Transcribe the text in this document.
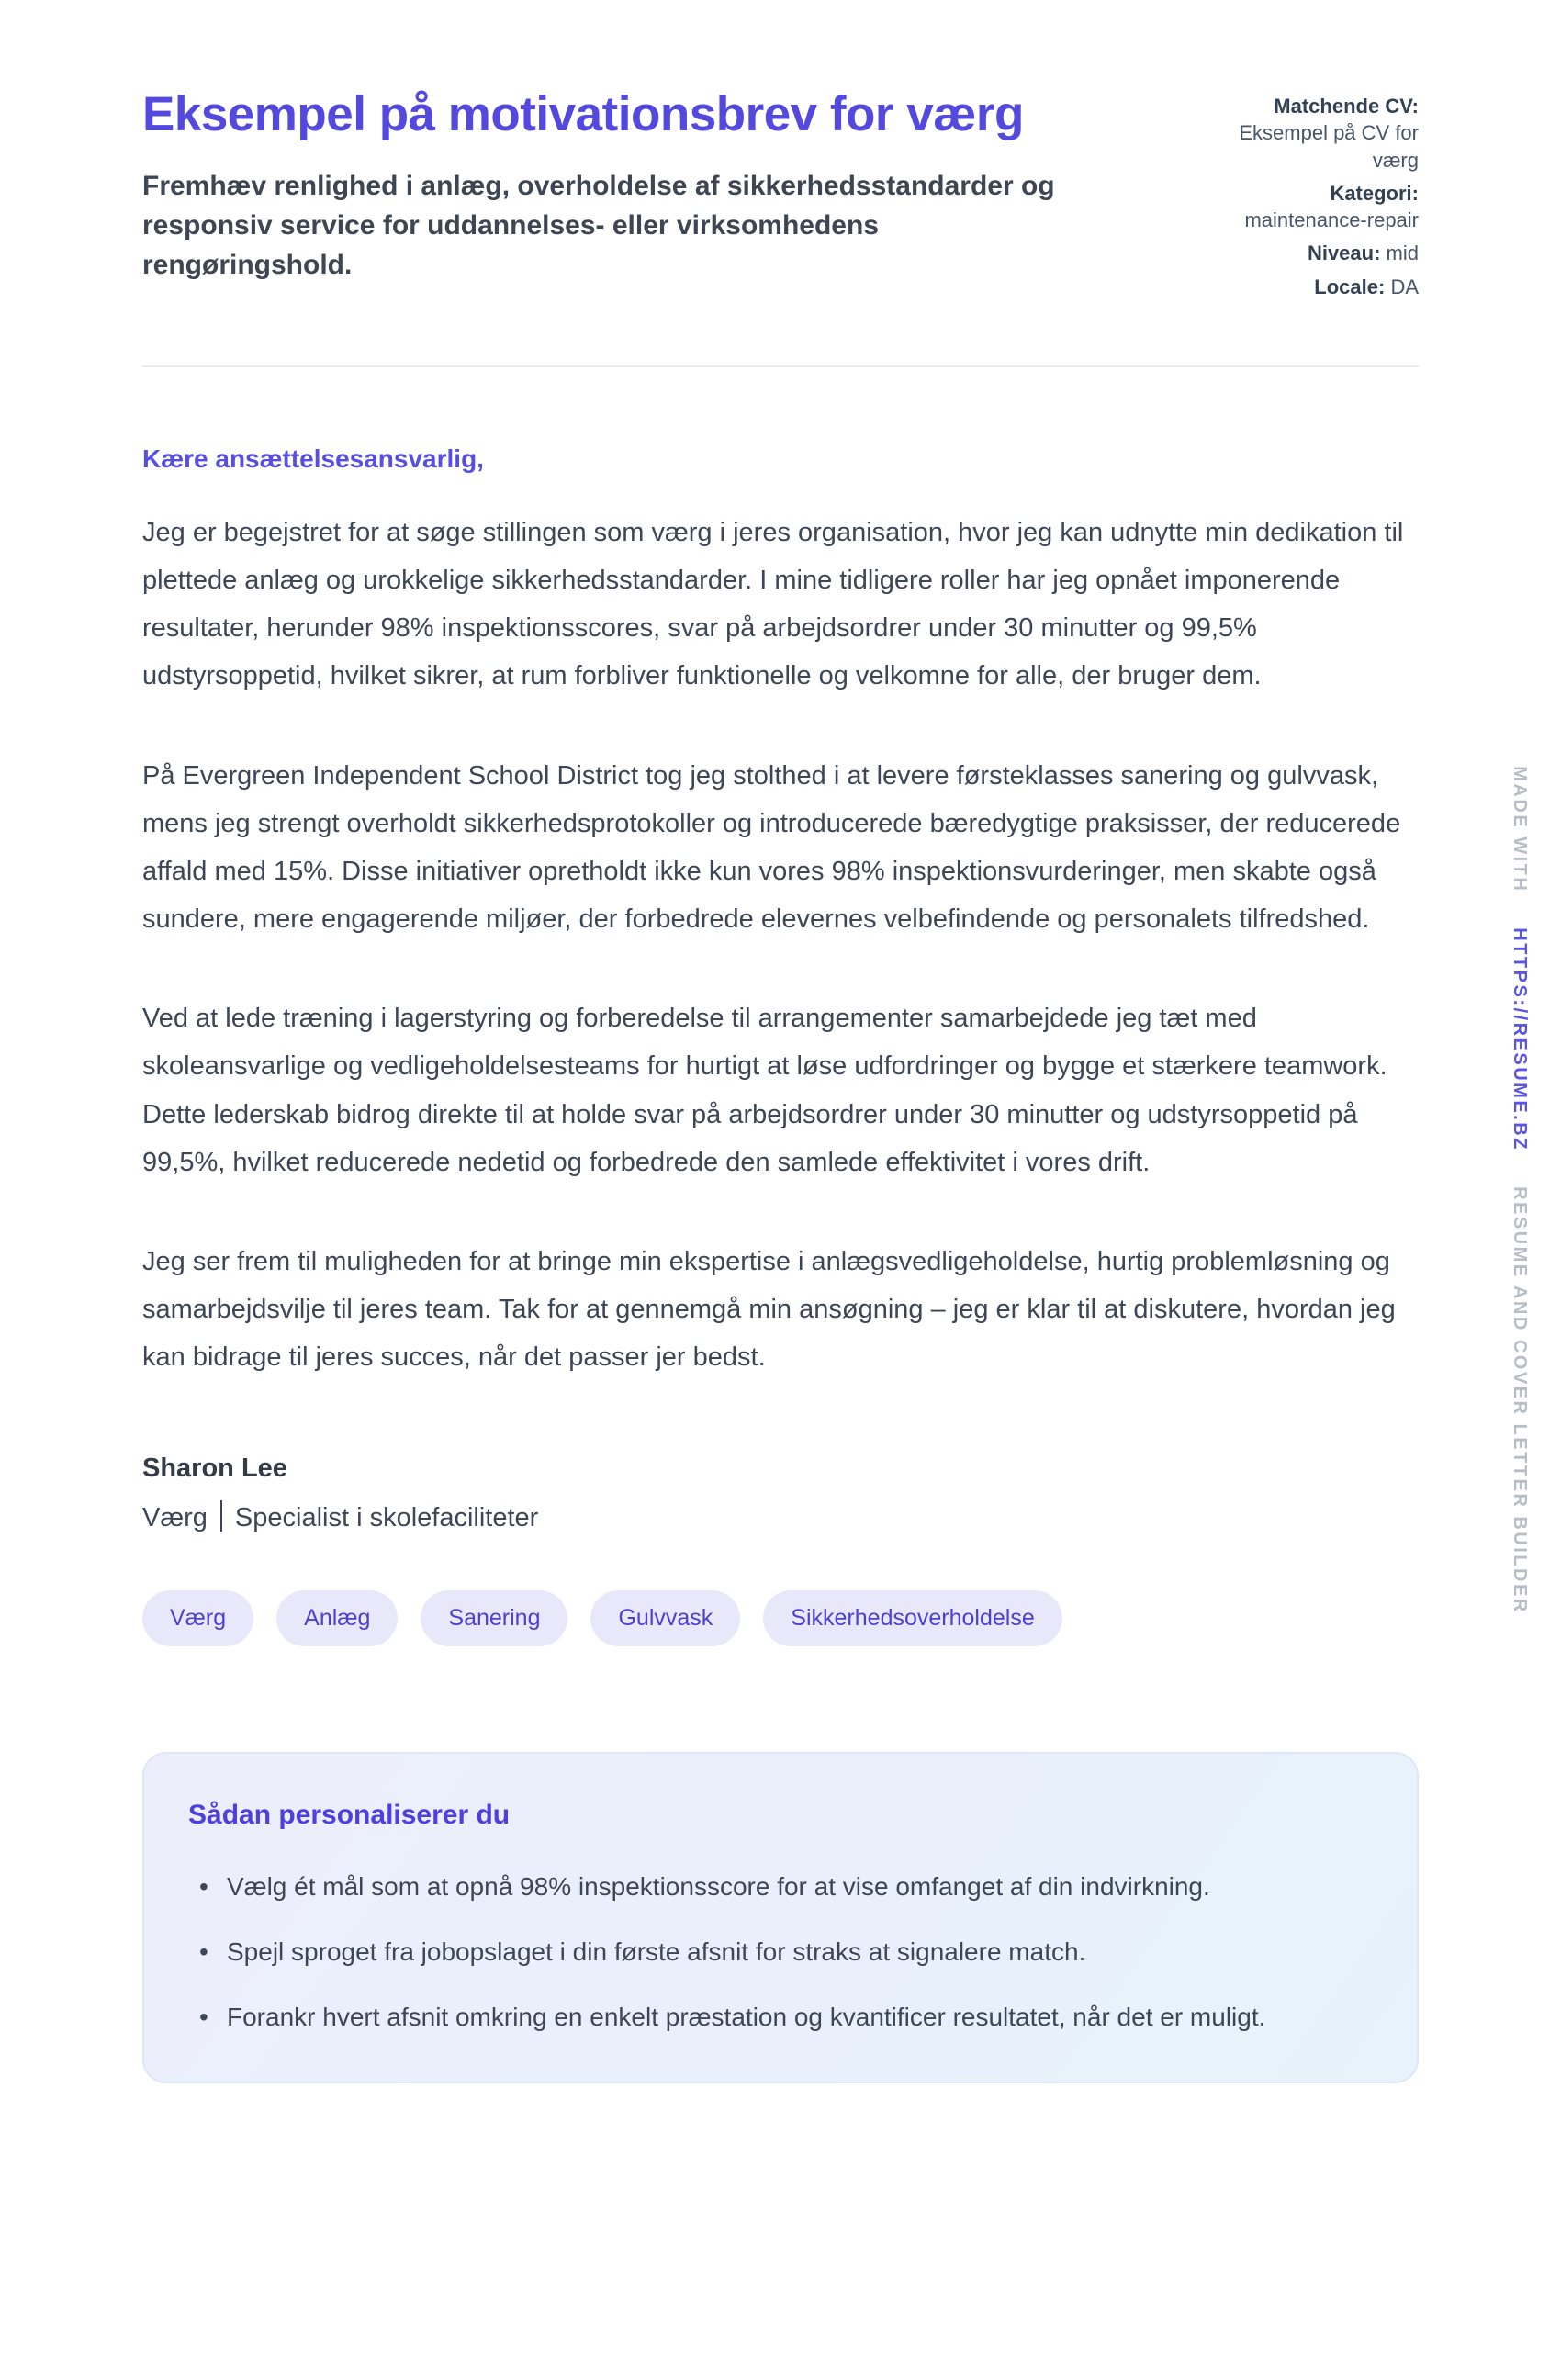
Eksempel på motivationsbrev for værg
Fremhæv renlighed i anlæg, overholdelse af sikkerhedsstandarder og responsiv service for uddannelses- eller virksomhedens rengøringshold.
Matchende CV: Eksempel på CV for værg
Kategori: maintenance-repair
Niveau: mid
Locale: DA

Kære ansættelsesansvarlig,

Jeg er begejstret for at søge stillingen som værg i jeres organisation, hvor jeg kan udnytte min dedikation til plettede anlæg og urokkelige sikkerhedsstandarder. I mine tidligere roller har jeg opnået imponerende resultater, herunder 98% inspektionsscores, svar på arbejdsordrer under 30 minutter og 99,5% udstyrsoppetid, hvilket sikrer, at rum forbliver funktionelle og velkomne for alle, der bruger dem.

På Evergreen Independent School District tog jeg stolthed i at levere førsteklasses sanering og gulvvask, mens jeg strengt overholdt sikkerhedsprotokoller og introducerede bæredygtige praksisser, der reducerede affald med 15%. Disse initiativer opretholdt ikke kun vores 98% inspektionsvurderinger, men skabte også sundere, mere engagerende miljøer, der forbedrede elevernes velbefindende og personalets tilfredshed.

Ved at lede træning i lagerstyring og forberedelse til arrangementer samarbejdede jeg tæt med skoleansvarlige og vedligeholdelsesteams for hurtigt at løse udfordringer og bygge et stærkere teamwork. Dette lederskab bidrog direkte til at holde svar på arbejdsordrer under 30 minutter og udstyrsoppetid på 99,5%, hvilket reducerede nedetid og forbedrede den samlede effektivitet i vores drift.

Jeg ser frem til muligheden for at bringe min ekspertise i anlægsvedligeholdelse, hurtig problemløsning og samarbejdsvilje til jeres team. Tak for at gennemgå min ansøgning – jeg er klar til at diskutere, hvordan jeg kan bidrage til jeres succes, når det passer jer bedst.

Sharon Lee

Værg Specialist i skolefaciliteter

Værg	Anlæg	Sanering	Gulvvask	Sikkerhedsoverholdelse
Sådan personaliserer du
• Vælg ét mål som at opnå 98% inspektionsscore for at vise omfanget af din indvirkning.
• Spejl sproget fra jobopslaget i din første afsnit for straks at signalere match.
• Forankr hvert afsnit omkring en enkelt præstation og kvantificer resultatet, når det er muligt.
MADE WITH HTTPS://RESUME.BZ RESUME AND COVER LETTER BUILDER
